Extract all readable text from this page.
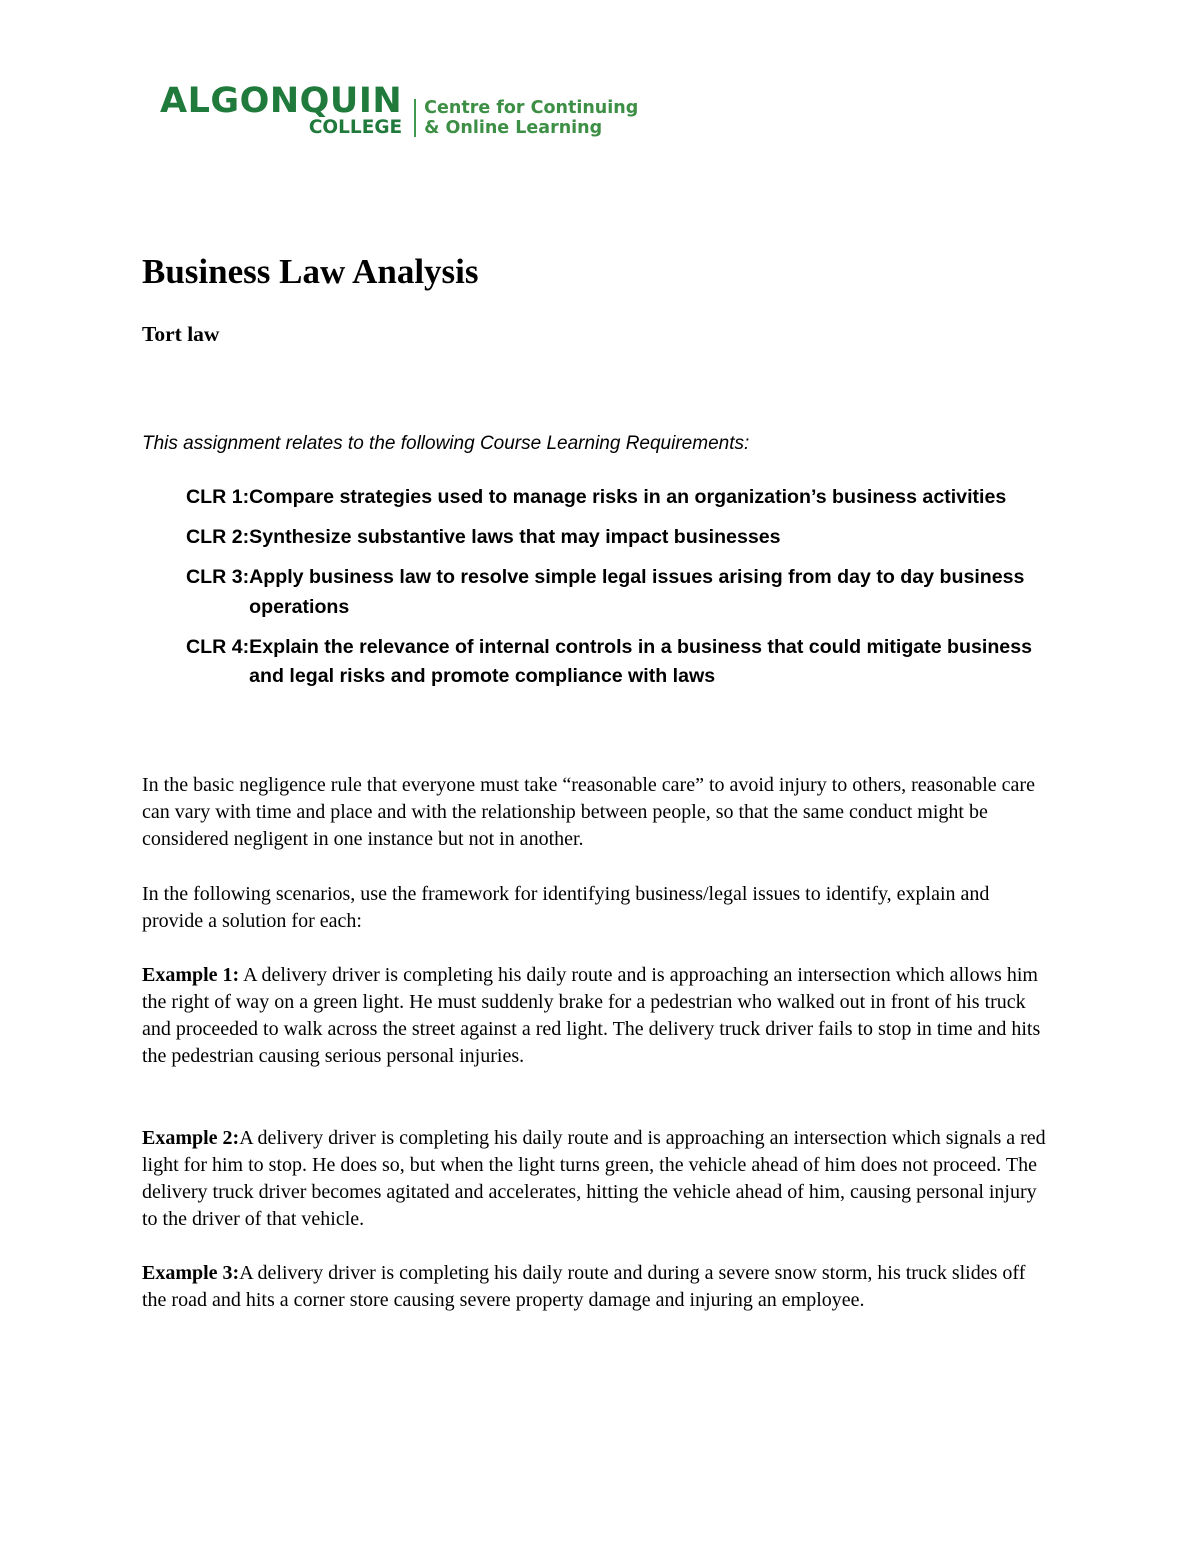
ALGONQUIN
COLLEGE
Centre for Continuing
& Online Learning
Business Law Analysis
Tort law
This assignment relates to the following Course Learning Requirements:
CLR 1: Compare strategies used to manage risks in an organization’s business activities
CLR 2: Synthesize substantive laws that may impact businesses
CLR 3: Apply business law to resolve simple legal issues arising from day to day business operations
CLR 4: Explain the relevance of internal controls in a business that could mitigate business and legal risks and promote compliance with laws

In the basic negligence rule that everyone must take “reasonable care” to avoid injury to others, reasonable care can vary with time and place and with the relationship between people, so that the same conduct might be considered negligent in one instance but not in another.

In the following scenarios, use the framework for identifying business/legal issues to identify, explain and provide a solution for each:

Example 1: A delivery driver is completing his daily route and is approaching an intersection which allows him the right of way on a green light. He must suddenly brake for a pedestrian who walked out in front of his truck and proceeded to walk across the street against a red light. The delivery truck driver fails to stop in time and hits the pedestrian causing serious personal injuries.

Example 2:A delivery driver is completing his daily route and is approaching an intersection which signals a red light for him to stop. He does so, but when the light turns green, the vehicle ahead of him does not proceed. The delivery truck driver becomes agitated and accelerates, hitting the vehicle ahead of him, causing personal injury to the driver of that vehicle.

Example 3:A delivery driver is completing his daily route and during a severe snow storm, his truck slides off the road and hits a corner store causing severe property damage and injuring an employee.
